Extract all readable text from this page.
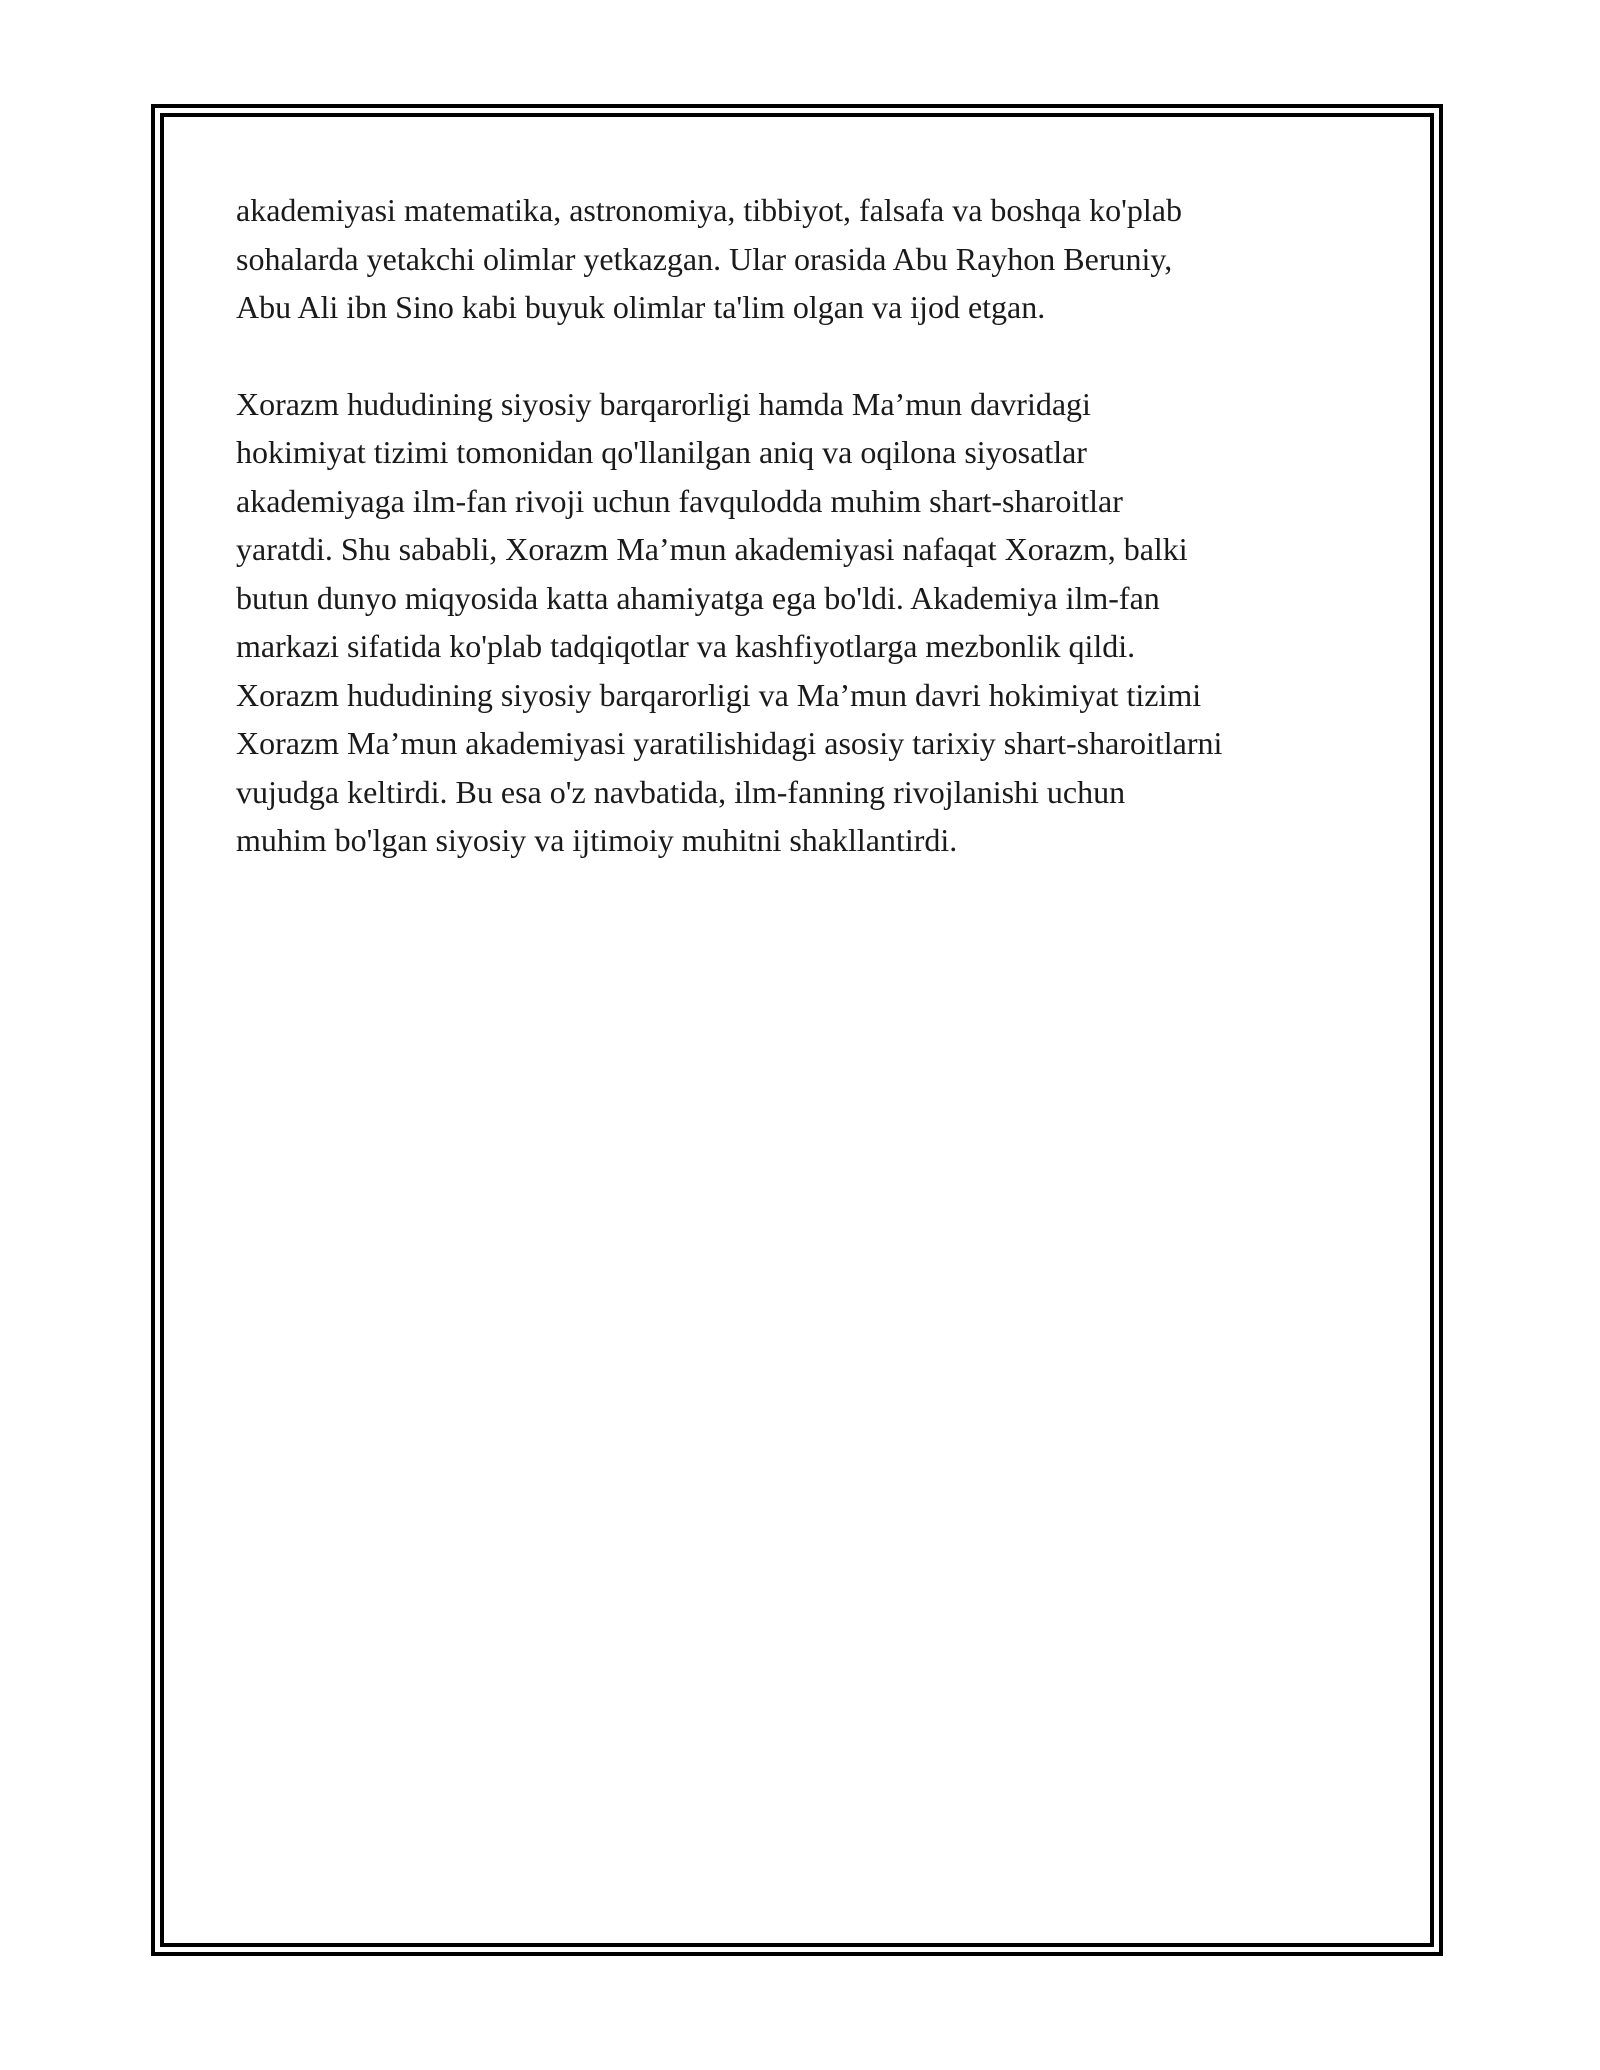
akademiyasi matematika, astronomiya, tibbiyot, falsafa va boshqa ko'plab
sohalarda yetakchi olimlar yetkazgan. Ular orasida Abu Rayhon Beruniy,
Abu Ali ibn Sino kabi buyuk olimlar ta'lim olgan va ijod etgan.
Xorazm hududining siyosiy barqarorligi hamda Ma’mun davridagi
hokimiyat tizimi tomonidan qo'llanilgan aniq va oqilona siyosatlar
akademiyaga ilm-fan rivoji uchun favqulodda muhim shart-sharoitlar
yaratdi. Shu sababli, Xorazm Ma’mun akademiyasi nafaqat Xorazm, balki
butun dunyo miqyosida katta ahamiyatga ega bo'ldi. Akademiya ilm-fan
markazi sifatida ko'plab tadqiqotlar va kashfiyotlarga mezbonlik qildi.
Xorazm hududining siyosiy barqarorligi va Ma’mun davri hokimiyat tizimi
Xorazm Ma’mun akademiyasi yaratilishidagi asosiy tarixiy shart-sharoitlarni
vujudga keltirdi. Bu esa o'z navbatida, ilm-fanning rivojlanishi uchun
muhim bo'lgan siyosiy va ijtimoiy muhitni shakllantirdi.
